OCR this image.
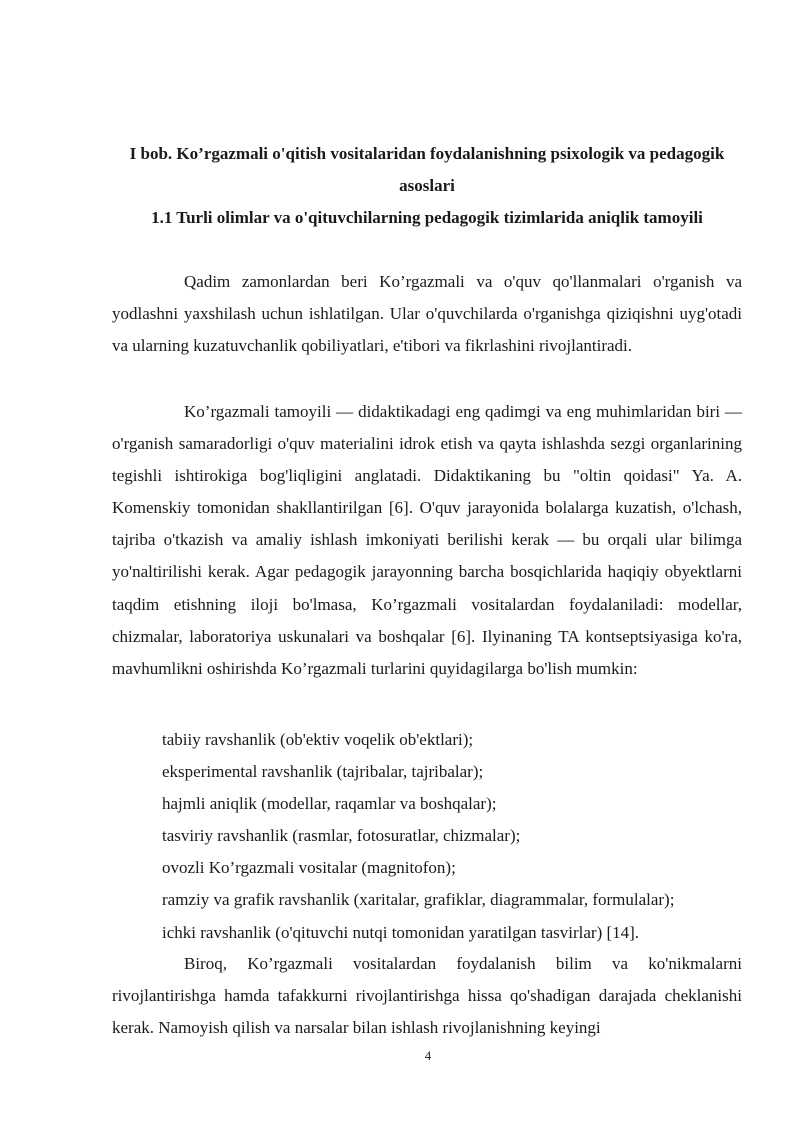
I bob. Ko’rgazmali o'qitish vositalaridan foydalanishning psixologik va pedagogik asoslari
1.1 Turli olimlar va o'qituvchilarning pedagogik tizimlarida aniqlik tamoyili

Qadim zamonlardan beri Ko’rgazmali va o'quv qo'llanmalari o'rganish va yodlashni yaxshilash uchun ishlatilgan. Ular o'quvchilarda o'rganishga qiziqishni uyg'otadi va ularning kuzatuvchanlik qobiliyatlari, e'tibori va fikrlashini rivojlantiradi.

Ko’rgazmali tamoyili — didaktikadagi eng qadimgi va eng muhimlaridan biri — o'rganish samaradorligi o'quv materialini idrok etish va qayta ishlashda sezgi organlarining tegishli ishtirokiga bog'liqligini anglatadi. Didaktikaning bu "oltin qoidasi" Ya. A. Komenskiy tomonidan shakllantirilgan [6]. O'quv jarayonida bolalarga kuzatish, o'lchash, tajriba o'tkazish va amaliy ishlash imkoniyati berilishi kerak — bu orqali ular bilimga yo'naltirilishi kerak. Agar pedagogik jarayonning barcha bosqichlarida haqiqiy obyektlarni taqdim etishning iloji bo'lmasa, Ko’rgazmali vositalardan foydalaniladi: modellar, chizmalar, laboratoriya uskunalari va boshqalar [6]. Ilyinaning TA kontseptsiyasiga ko'ra, mavhumlikni oshirishda Ko’rgazmali turlarini quyidagilarga bo'lish mumkin:

tabiiy ravshanlik (ob'ektiv voqelik ob'ektlari);
eksperimental ravshanlik (tajribalar, tajribalar);
hajmli aniqlik (modellar, raqamlar va boshqalar);
tasviriy ravshanlik (rasmlar, fotosuratlar, chizmalar);
ovozli Ko’rgazmali vositalar (magnitofon);
ramziy va grafik ravshanlik (xaritalar, grafiklar, diagrammalar, formulalar);
ichki ravshanlik (o'qituvchi nutqi tomonidan yaratilgan tasvirlar) [14].

Biroq, Ko’rgazmali vositalardan foydalanish bilim va ko'nikmalarni rivojlantirishga hamda tafakkurni rivojlantirishga hissa qo'shadigan darajada cheklanishi kerak. Namoyish qilish va narsalar bilan ishlash rivojlanishning keyingi

4
